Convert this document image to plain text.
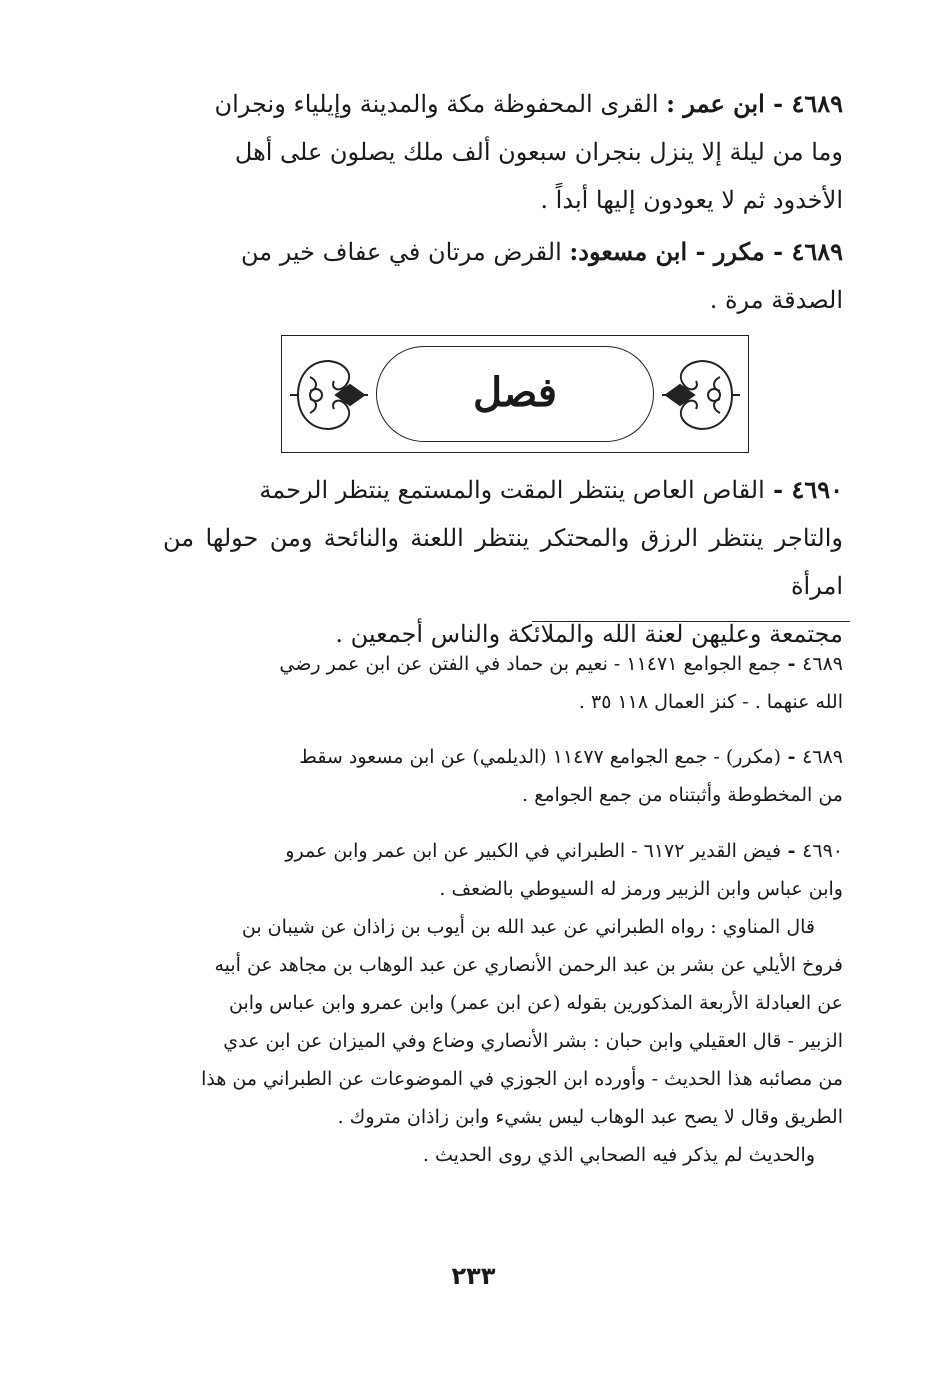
٤٦٨٩ - ابن عمر : القرى المحفوظة مكة والمدينة وإيلياء ونجران
وما من ليلة إلا ينزل بنجران سبعون ألف ملك يصلون على أهل
الأخدود ثم لا يعودون إليها أبداً .
٤٦٨٩ - مكرر - ابن مسعود: القرض مرتان في عفاف خير من
الصدقة مرة .
فصل
٤٦٩٠ - القاص العاص ينتظر المقت والمستمع ينتظر الرحمة
والتاجر ينتظر الرزق والمحتكر ينتظر اللعنة والنائحة ومن حولها من امرأة
مجتمعة وعليهن لعنة الله والملائكة والناس أجمعين .
٤٦٨٩ - جمع الجوامع ١١٤٧١ - نعيم بن حماد في الفتن عن ابن عمر رضي
الله عنهما . - كنز العمال ١١٨ ٣٥ .
٤٦٨٩ - (مكرر) - جمع الجوامع ١١٤٧٧ (الديلمي) عن ابن مسعود سقط
من المخطوطة وأثبتناه من جمع الجوامع .
٤٦٩٠ - فيض القدير ٦١٧٢ - الطبراني في الكبير عن ابن عمر وابن عمرو
وابن عباس وابن الزبير ورمز له السيوطي بالضعف .
قال المناوي : رواه الطبراني عن عبد الله بن أيوب بن زاذان عن شيبان بن
فروخ الأيلي عن بشر بن عبد الرحمن الأنصاري عن عبد الوهاب بن مجاهد عن أبيه
عن العبادلة الأربعة المذكورين بقوله (عن ابن عمر) وابن عمرو وابن عباس وابن
الزبير - قال العقيلي وابن حبان : بشر الأنصاري وضاع وفي الميزان عن ابن عدي
من مصائبه هذا الحديث - وأورده ابن الجوزي في الموضوعات عن الطبراني من هذا
الطريق وقال لا يصح عبد الوهاب ليس بشيء وابن زاذان متروك .
والحديث لم يذكر فيه الصحابي الذي روى الحديث .
٢٣٣
